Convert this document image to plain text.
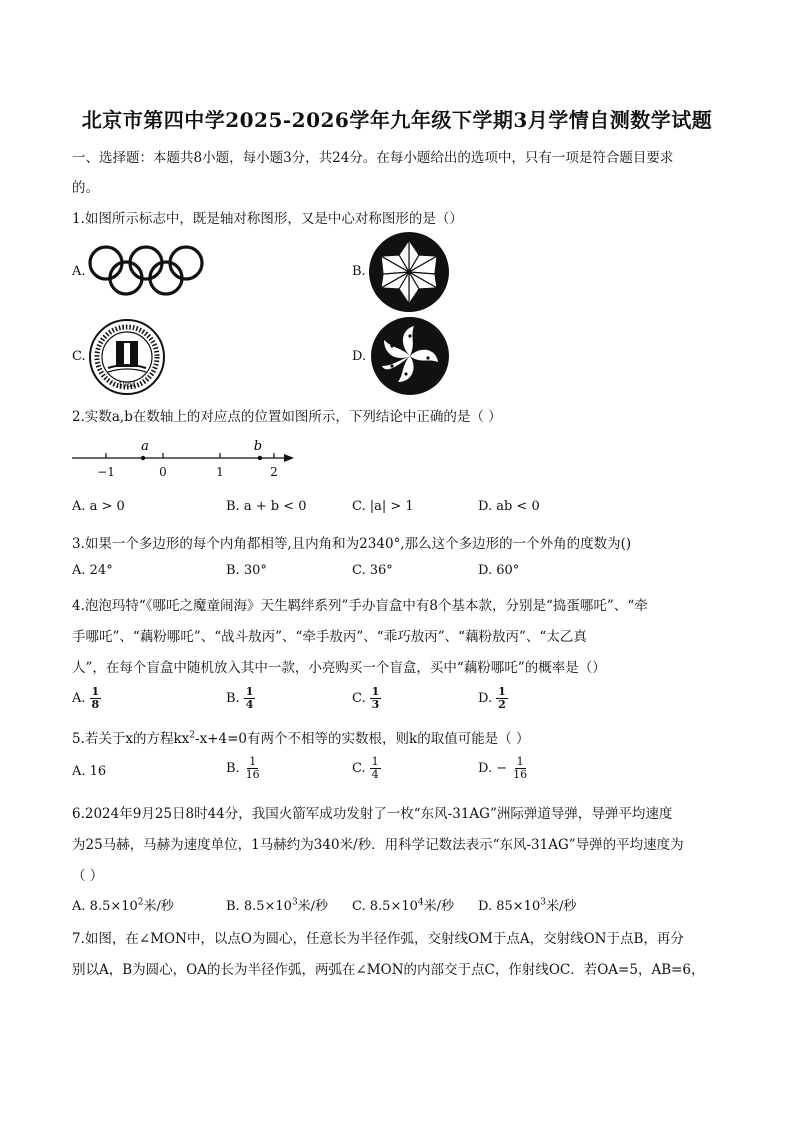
北京市第四中学2025-2026学年九年级下学期3月学情自测数学试题
一、选择题：本题共8小题，每小题3分，共24分。在每小题给出的选项中，只有一项是符合题目要求
的。
1.如图所示标志中，既是轴对称图形，又是中心对称图形的是（）
A.	B.
C.
1984
D.
2.实数a,b在数轴上的对应点的位置如图所示，下列结论中正确的是（ ）
−1	0	1	2
a	b
A. a > 0	B. a + b < 0	C. |a| > 1	D. ab < 0
3.如果一个多边形的每个内角都相等,且内角和为2340°,那么这个多边形的一个外角的度数为()
A. 24°	B. 30°	C. 36°	D. 60°
4.泡泡玛特“《哪吒之魔童闹海》天生羁绊系列”手办盲盒中有8个基本款，分别是“捣蛋哪吒”、“牵
手哪吒”、“藕粉哪吒”、“战斗敖丙”、“牵手敖丙”、“乖巧敖丙”、“藕粉敖丙”、“太乙真
人”，在每个盲盒中随机放入其中一款，小亮购买一个盲盒，买中“藕粉哪吒”的概率是（）
A. $\frac{1}{8}$	B. $\frac{1}{4}$	C. $\frac{1}{3}$	D. $\frac{1}{2}$
5.若关于x的方程$kx^2-x+4=0$有两个不相等的实数根，则k的取值可能是（ ）
A. 16	B. $\frac{1}{16}$	C. $\frac{1}{4}$	D. − $\frac{1}{16}$
6.2024年9月25日8时44分，我国火箭军成功发射了一枚“东风-31AG”洲际弹道导弹，导弹平均速度
为25马赫，马赫为速度单位，1马赫约为340米/秒．用科学记数法表示“东风-31AG”导弹的平均速度为
（ ）
A. $8.5\times 10^2$米/秒	B. $8.5\times 10^3$米/秒 C. $8.5\times 10^4$米/秒 D. $85\times 10^3$米/秒
7.如图，在∠MON中，以点O为圆心，任意长为半径作弧，交射线OM于点A，交射线ON于点B，再分
别以A，B为圆心，OA的长为半径作弧，两弧在∠MON的内部交于点C，作射线OC．若OA=5，AB=6，
